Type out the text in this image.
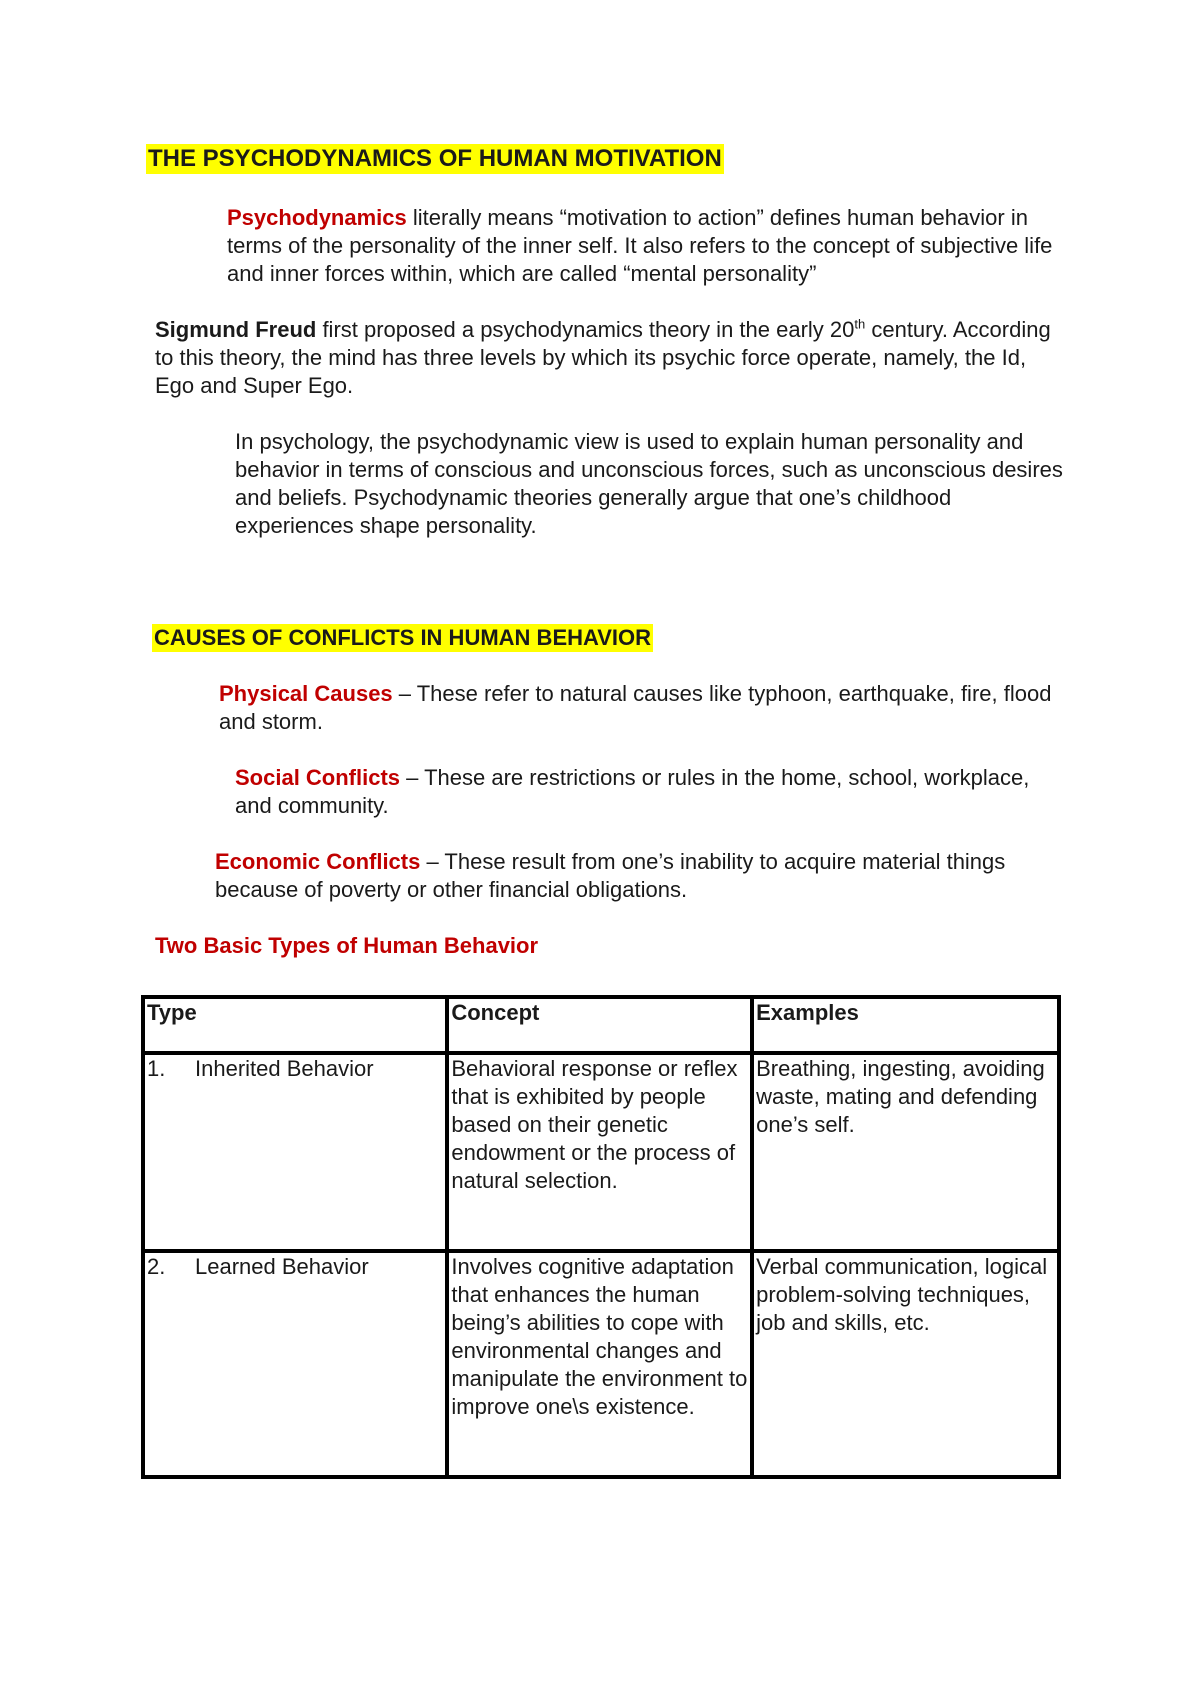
THE PSYCHODYNAMICS OF HUMAN MOTIVATION

Psychodynamics literally means “motivation to action” defines human behavior in terms of the personality of the inner self. It also refers to the concept of subjective life and inner forces within, which are called “mental personality”

Sigmund Freud first proposed a psychodynamics theory in the early 20th century. According to this theory, the mind has three levels by which its psychic force operate, namely, the Id, Ego and Super Ego.

In psychology, the psychodynamic view is used to explain human personality and behavior in terms of conscious and unconscious forces, such as unconscious desires and beliefs. Psychodynamic theories generally argue that one’s childhood experiences shape personality.

CAUSES OF CONFLICTS IN HUMAN BEHAVIOR

Physical Causes – These refer to natural causes like typhoon, earthquake, fire, flood and storm.

Social Conflicts – These are restrictions or rules in the home, school, workplace, and community.

Economic Conflicts – These result from one’s inability to acquire material things because of poverty or other financial obligations.

Two Basic Types of Human Behavior

Type	Concept	Examples
1. Inherited Behavior	Behavioral response or reflex that is exhibited by people based on their genetic endowment or the process of natural selection.	Breathing, ingesting, avoiding waste, mating and defending one’s self.
2. Learned Behavior	Involves cognitive adaptation that enhances the human being’s abilities to cope with environmental changes and manipulate the environment to improve one\s existence.	Verbal communication, logical problem-solving techniques, job and skills, etc.
